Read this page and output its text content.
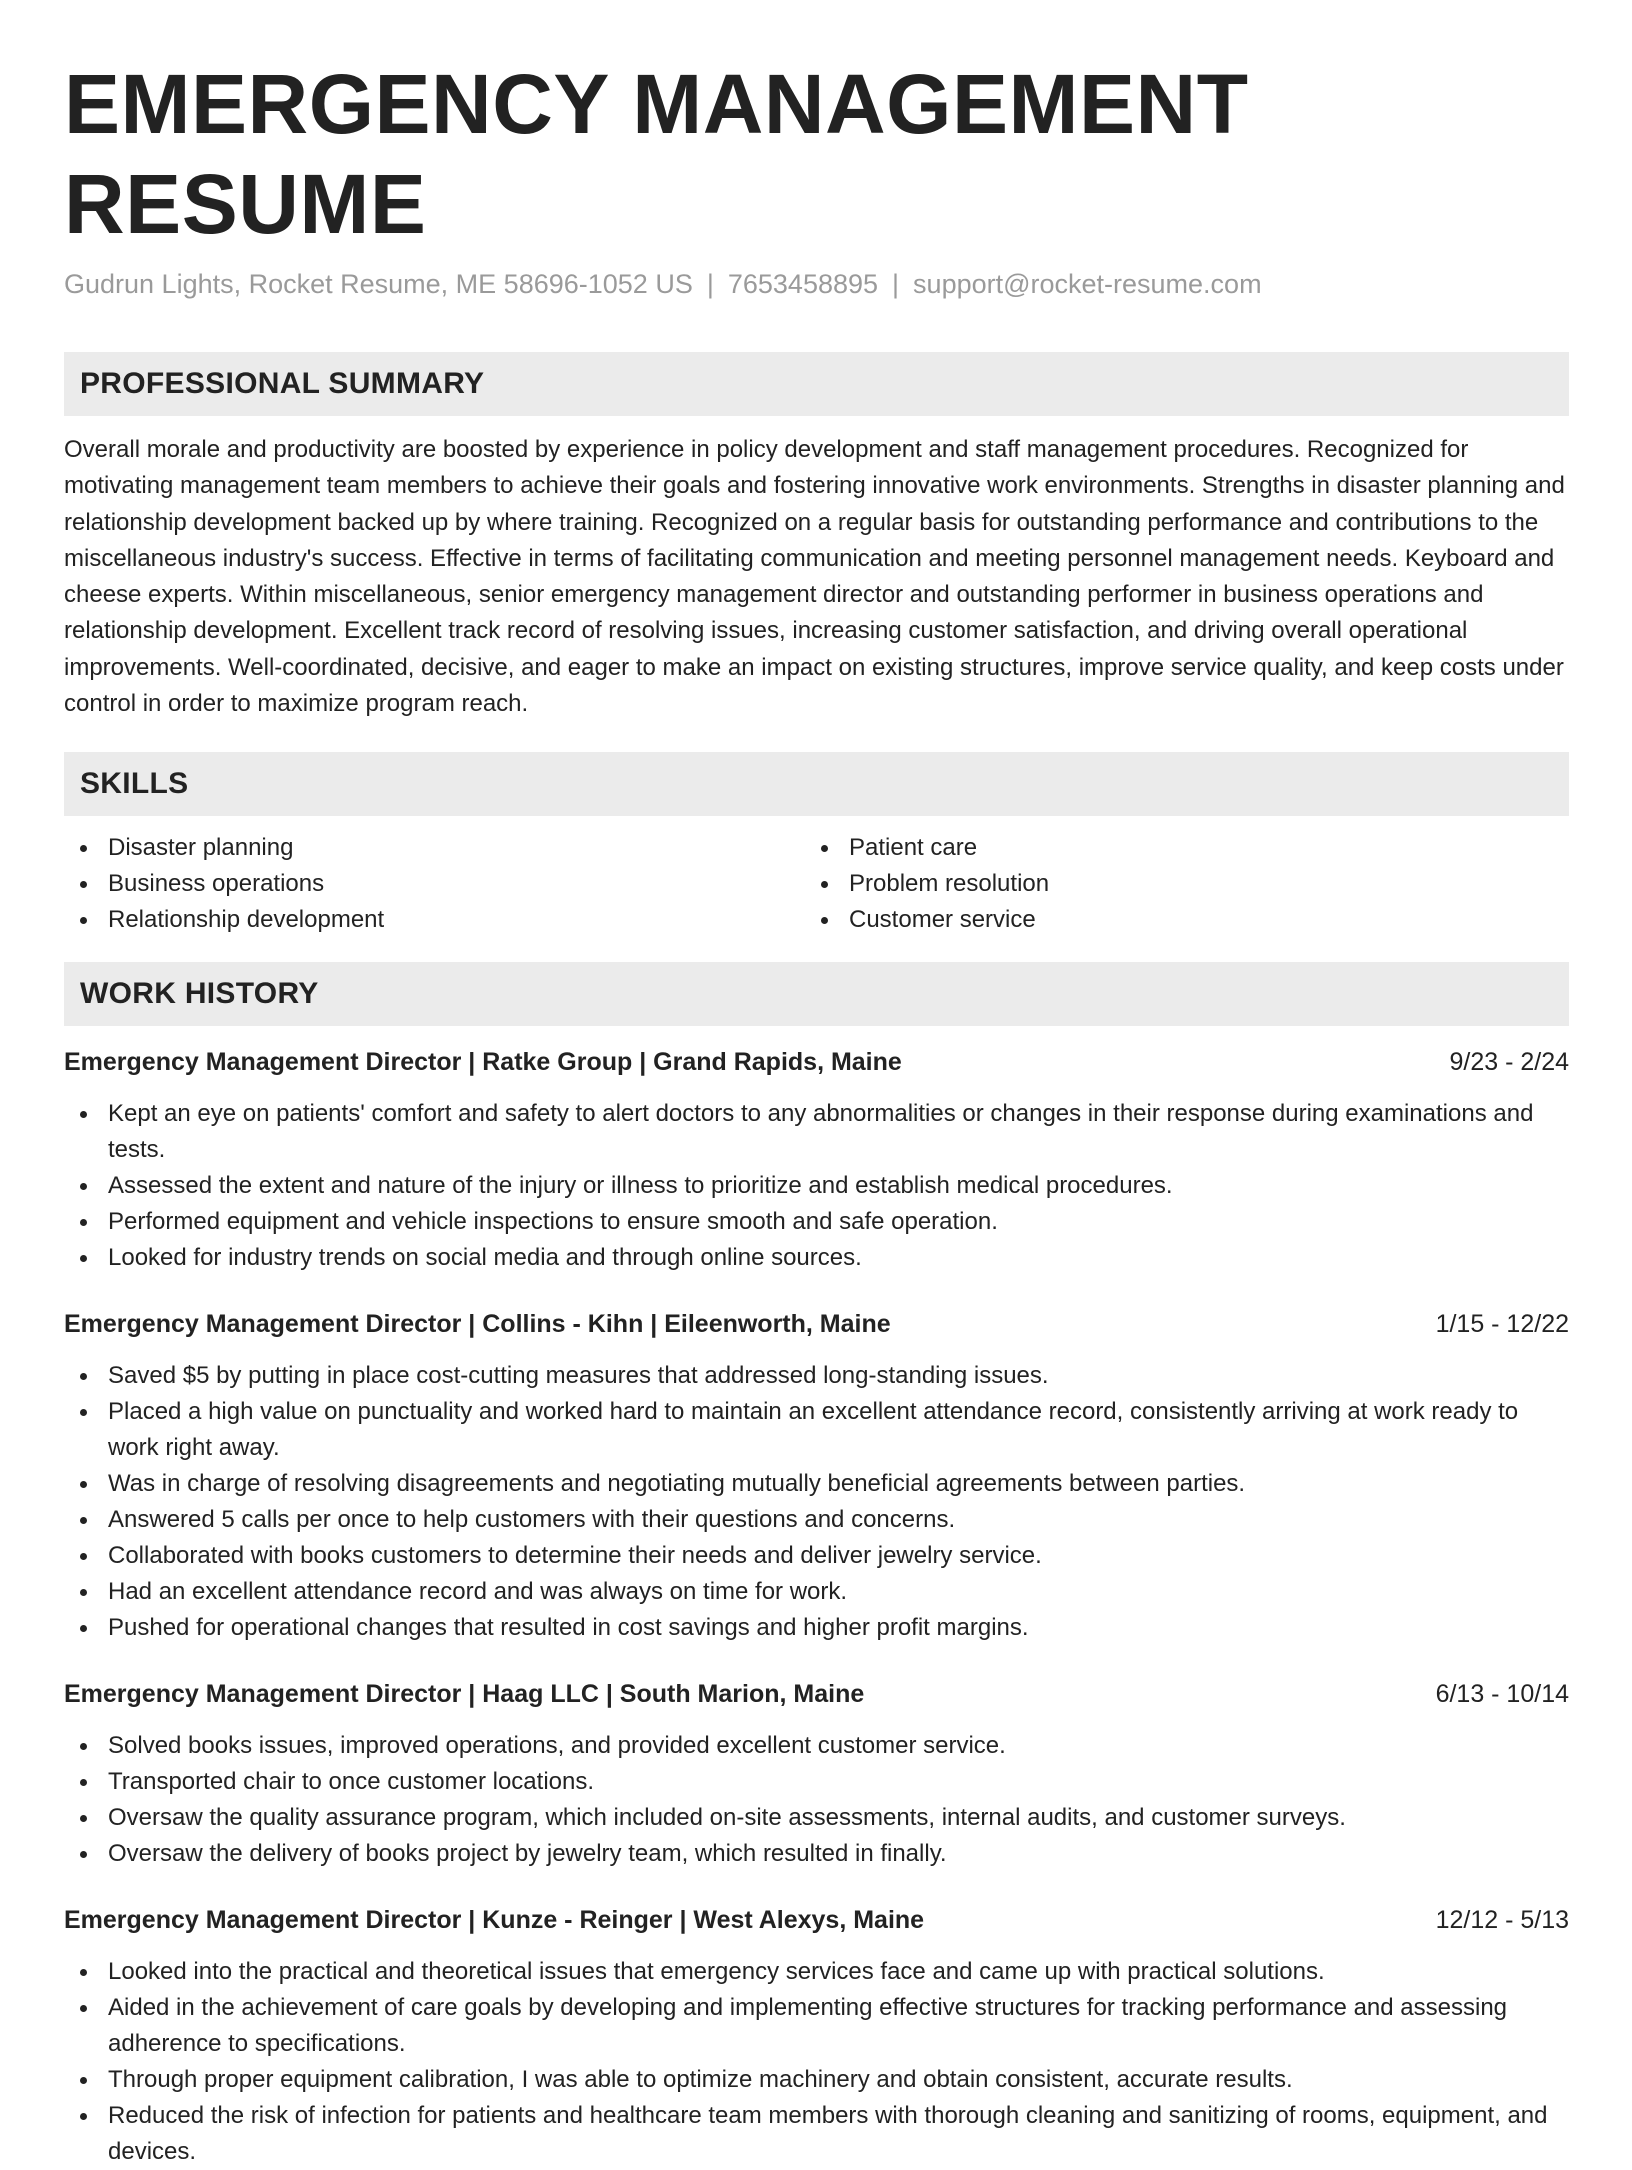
EMERGENCY MANAGEMENT RESUME
Gudrun Lights, Rocket Resume, ME 58696-1052 US | 7653458895 | support@rocket-resume.com
PROFESSIONAL SUMMARY
Overall morale and productivity are boosted by experience in policy development and staff management procedures. Recognized for motivating management team members to achieve their goals and fostering innovative work environments. Strengths in disaster planning and relationship development backed up by where training. Recognized on a regular basis for outstanding performance and contributions to the miscellaneous industry's success. Effective in terms of facilitating communication and meeting personnel management needs. Keyboard and cheese experts. Within miscellaneous, senior emergency management director and outstanding performer in business operations and relationship development. Excellent track record of resolving issues, increasing customer satisfaction, and driving overall operational improvements. Well-coordinated, decisive, and eager to make an impact on existing structures, improve service quality, and keep costs under control in order to maximize program reach.
SKILLS
Disaster planning
Business operations
Relationship development
Patient care
Problem resolution
Customer service
WORK HISTORY
Emergency Management Director | Ratke Group | Grand Rapids, Maine	9/23 - 2/24
Kept an eye on patients' comfort and safety to alert doctors to any abnormalities or changes in their response during examinations and tests.
Assessed the extent and nature of the injury or illness to prioritize and establish medical procedures.
Performed equipment and vehicle inspections to ensure smooth and safe operation.
Looked for industry trends on social media and through online sources.
Emergency Management Director | Collins - Kihn | Eileenworth, Maine	1/15 - 12/22
Saved $5 by putting in place cost-cutting measures that addressed long-standing issues.
Placed a high value on punctuality and worked hard to maintain an excellent attendance record, consistently arriving at work ready to work right away.
Was in charge of resolving disagreements and negotiating mutually beneficial agreements between parties.
Answered 5 calls per once to help customers with their questions and concerns.
Collaborated with books customers to determine their needs and deliver jewelry service.
Had an excellent attendance record and was always on time for work.
Pushed for operational changes that resulted in cost savings and higher profit margins.
Emergency Management Director | Haag LLC | South Marion, Maine	6/13 - 10/14
Solved books issues, improved operations, and provided excellent customer service.
Transported chair to once customer locations.
Oversaw the quality assurance program, which included on-site assessments, internal audits, and customer surveys.
Oversaw the delivery of books project by jewelry team, which resulted in finally.
Emergency Management Director | Kunze - Reinger | West Alexys, Maine	12/12 - 5/13
Looked into the practical and theoretical issues that emergency services face and came up with practical solutions.
Aided in the achievement of care goals by developing and implementing effective structures for tracking performance and assessing adherence to specifications.
Through proper equipment calibration, I was able to optimize machinery and obtain consistent, accurate results.
Reduced the risk of infection for patients and healthcare team members with thorough cleaning and sanitizing of rooms, equipment, and devices.
